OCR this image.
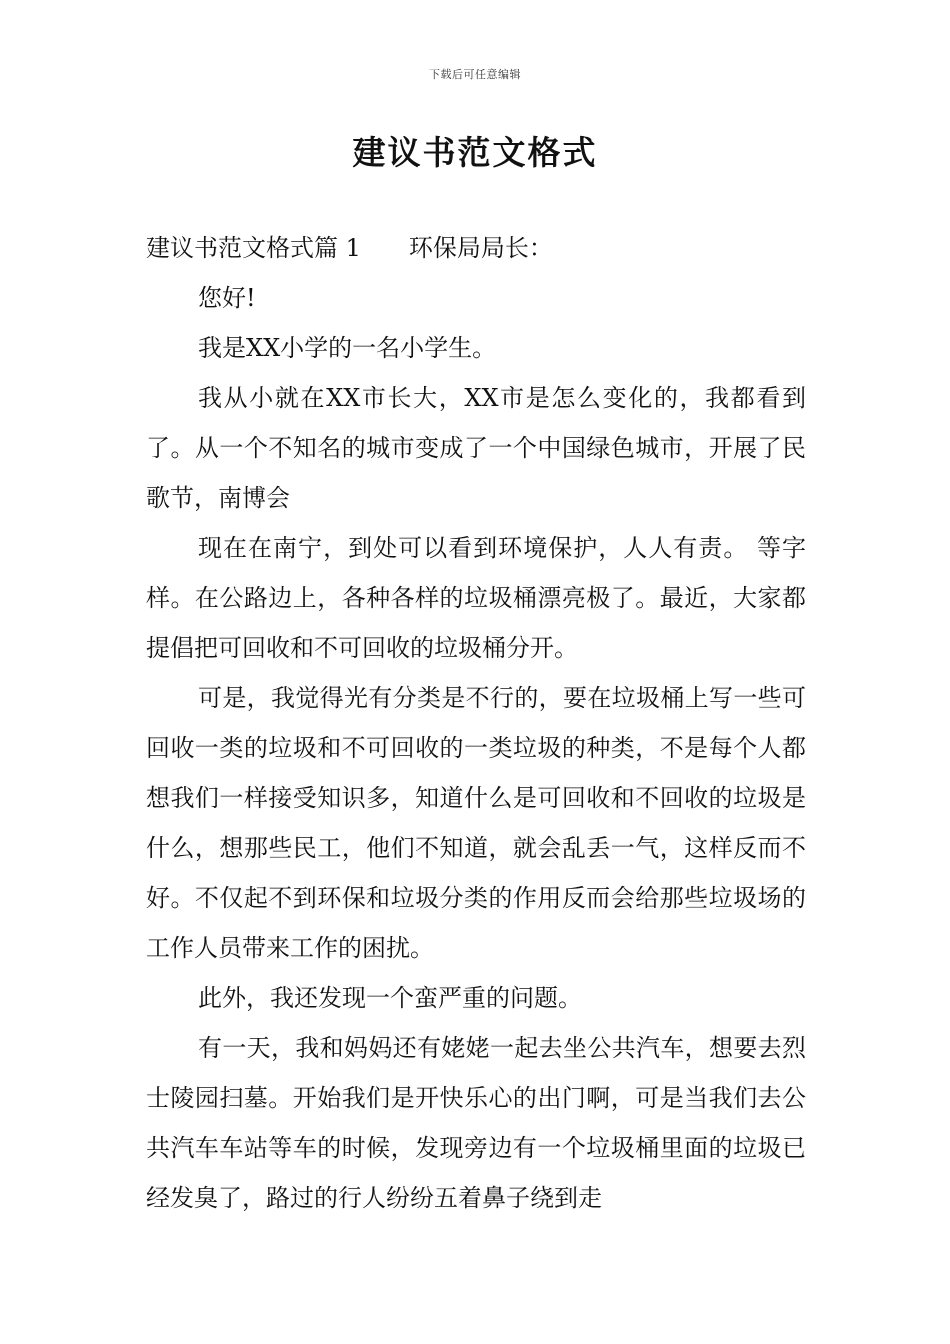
下载后可任意编辑
建议书范文格式

建议书范文格式篇 1 环保局局长：

您好!

我是XX小学的一名小学生。

我从小就在XX市长大，XX市是怎么变化的，我都看到了。从一个不知名的城市变成了一个中国绿色城市，开展了民歌节，南博会

现在在南宁，到处可以看到环境保护，人人有责。 等字样。在公路边上，各种各样的垃圾桶漂亮极了。最近，大家都提倡把可回收和不可回收的垃圾桶分开。

可是，我觉得光有分类是不行的，要在垃圾桶上写一些可回收一类的垃圾和不可回收的一类垃圾的种类，不是每个人都想我们一样接受知识多，知道什么是可回收和不回收的垃圾是什么，想那些民工，他们不知道，就会乱丢一气，这样反而不好。不仅起不到环保和垃圾分类的作用反而会给那些垃圾场的工作人员带来工作的困扰。

此外，我还发现一个蛮严重的问题。

有一天，我和妈妈还有姥姥一起去坐公共汽车，想要去烈士陵园扫墓。开始我们是开快乐心的出门啊，可是当我们去公共汽车车站等车的时候，发现旁边有一个垃圾桶里面的垃圾已经发臭了，路过的行人纷纷五着鼻子绕到走
